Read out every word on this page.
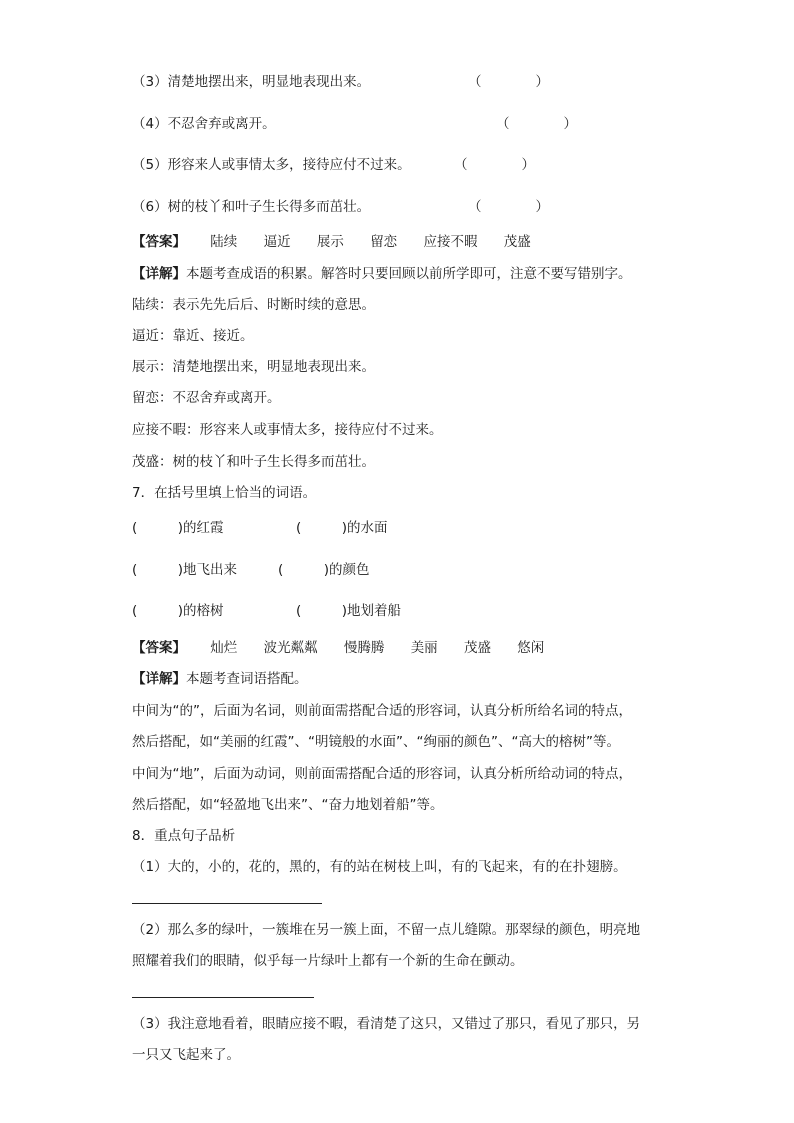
（3）清楚地摆出来，明显地表现出来。	（　　　　）
（4）不忍舍弃或离开。	（　　　　）
（5）形容来人或事情太多，接待应付不过来。	（　　　　）
（6）树的枝丫和叶子生长得多而茁壮。	（　　　　）
【答案】 陆续 逼近 展示 留恋 应接不暇 茂盛
【详解】本题考查成语的积累。解答时只要回顾以前所学即可，注意不要写错别字。
陆续：表示先先后后、时断时续的意思。
逼近：靠近、接近。
展示：清楚地摆出来，明显地表现出来。
留恋：不忍舍弃或离开。
应接不暇：形容来人或事情太多，接待应付不过来。
茂盛：树的枝丫和叶子生长得多而茁壮。
7．在括号里填上恰当的词语。
(　　　)的红霞	(　　　)的水面
(　　　)地飞出来	(　　　)的颜色
(　　　)的榕树	(　　　)地划着船
【答案】 灿烂 波光粼粼 慢腾腾 美丽 茂盛 悠闲
【详解】本题考查词语搭配。
中间为“的”，后面为名词，则前面需搭配合适的形容词，认真分析所给名词的特点，
然后搭配，如“美丽的红霞”、“明镜般的水面”、“绚丽的颜色”、“高大的榕树”等。
中间为“地”，后面为动词，则前面需搭配合适的形容词，认真分析所给动词的特点，
然后搭配，如“轻盈地飞出来”、“奋力地划着船”等。
8．重点句子品析
（1）大的，小的，花的，黑的，有的站在树枝上叫，有的飞起来，有的在扑翅膀。
（2）那么多的绿叶，一簇堆在另一簇上面，不留一点儿缝隙。那翠绿的颜色，明亮地
照耀着我们的眼睛，似乎每一片绿叶上都有一个新的生命在颤动。
（3）我注意地看着，眼睛应接不暇，看清楚了这只，又错过了那只，看见了那只，另
一只又飞起来了。
